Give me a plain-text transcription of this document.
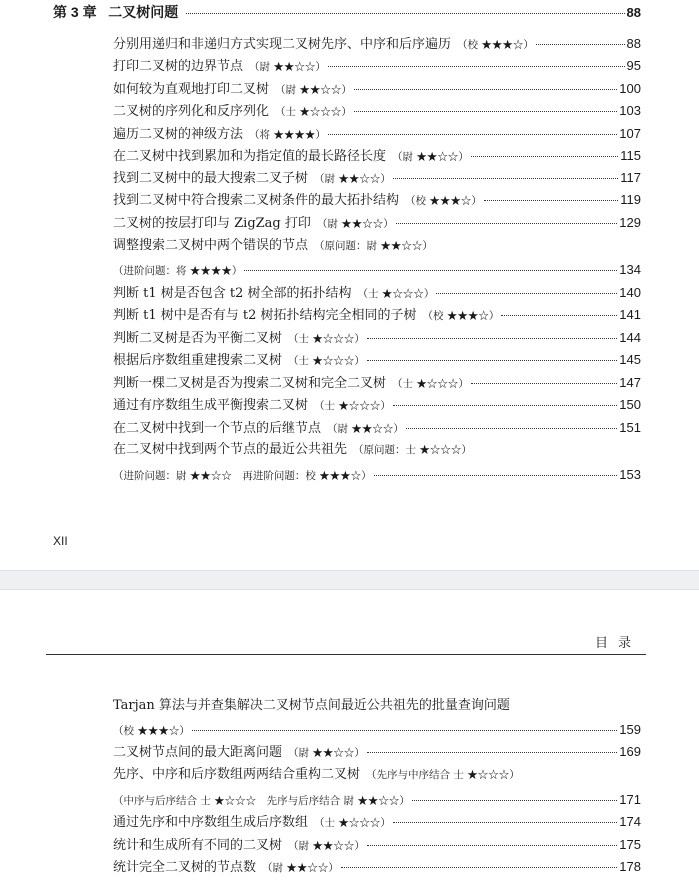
第 3 章 二叉树问题	88
分别用递归和非递归方式实现二叉树先序、中序和后序遍历 （校 ★★★☆）	88
打印二叉树的边界节点 （尉 ★★☆☆）	95
如何较为直观地打印二叉树 （尉 ★★☆☆）	100
二叉树的序列化和反序列化 （士 ★☆☆☆）	103
遍历二叉树的神级方法 （将 ★★★★）	107
在二叉树中找到累加和为指定值的最长路径长度 （尉 ★★☆☆）	115
找到二叉树中的最大搜索二叉子树 （尉 ★★☆☆）	117
找到二叉树中符合搜索二叉树条件的最大拓扑结构 （校 ★★★☆）	119
二叉树的按层打印与 ZigZag 打印 （尉 ★★☆☆）	129
调整搜索二叉树中两个错误的节点 （原问题：尉 ★★☆☆）
（进阶问题：将 ★★★★）	134
判断 t1 树是否包含 t2 树全部的拓扑结构 （士 ★☆☆☆）	140
判断 t1 树中是否有与 t2 树拓扑结构完全相同的子树 （校 ★★★☆）	141
判断二叉树是否为平衡二叉树 （士 ★☆☆☆）	144
根据后序数组重建搜索二叉树 （士 ★☆☆☆）	145
判断一棵二叉树是否为搜索二叉树和完全二叉树 （士 ★☆☆☆）	147
通过有序数组生成平衡搜索二叉树 （士 ★☆☆☆）	150
在二叉树中找到一个节点的后继节点 （尉 ★★☆☆）	151
在二叉树中找到两个节点的最近公共祖先 （原问题：士 ★☆☆☆）
（进阶问题：尉 ★★☆☆　再进阶问题：校 ★★★☆）	153
XII
目录
Tarjan 算法与并查集解决二叉树节点间最近公共祖先的批量查询问题
（校 ★★★☆）	159
二叉树节点间的最大距离问题 （尉 ★★☆☆）	169
先序、中序和后序数组两两结合重构二叉树 （先序与中序结合 士 ★☆☆☆）
（中序与后序结合 士 ★☆☆☆　先序与后序结合 尉 ★★☆☆）	171
通过先序和中序数组生成后序数组 （士 ★☆☆☆）	174
统计和生成所有不同的二叉树 （尉 ★★☆☆）	175
统计完全二叉树的节点数 （尉 ★★☆☆）	178
